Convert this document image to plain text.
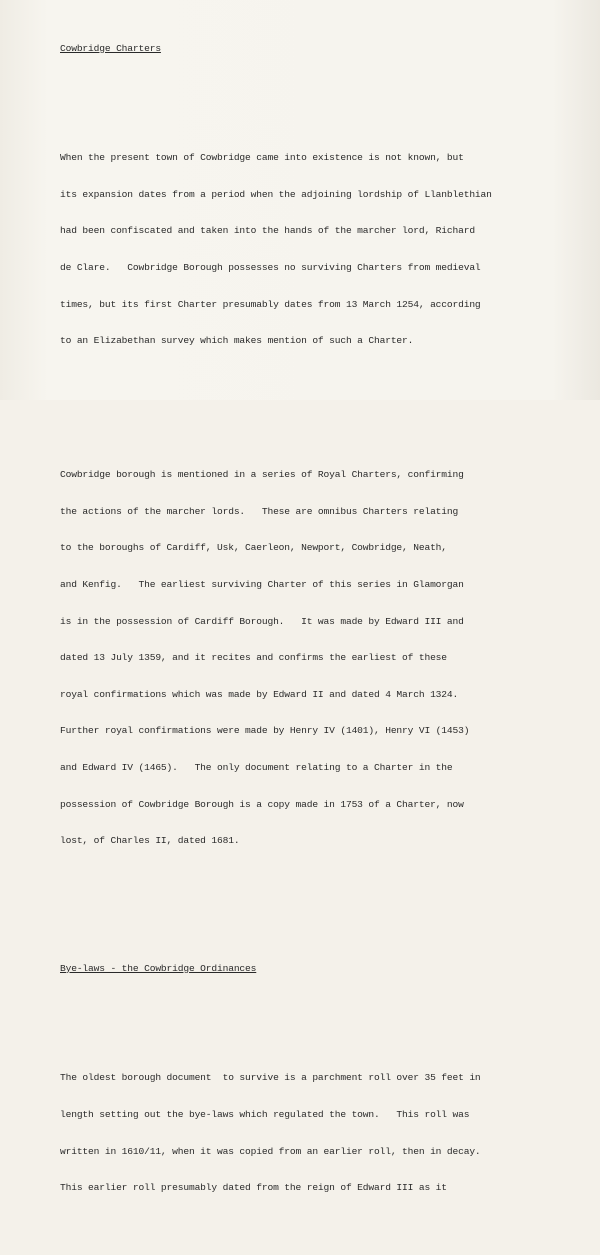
Cowbridge Charters

When the present town of Cowbridge came into existence is not known, but

its expansion dates from a period when the adjoining lordship of Llanblethian

had been confiscated and taken into the hands of the marcher lord, Richard

de Clare.   Cowbridge Borough possesses no surviving Charters from medieval

times, but its first Charter presumably dates from 13 March 1254, according

to an Elizabethan survey which makes mention of such a Charter.

Cowbridge borough is mentioned in a series of Royal Charters, confirming

the actions of the marcher lords.   These are omnibus Charters relating

to the boroughs of Cardiff, Usk, Caerleon, Newport, Cowbridge, Neath,

and Kenfig.   The earliest surviving Charter of this series in Glamorgan

is in the possession of Cardiff Borough.   It was made by Edward III and

dated 13 July 1359, and it recites and confirms the earliest of these

royal confirmations which was made by Edward II and dated 4 March 1324.

Further royal confirmations were made by Henry IV (1401), Henry VI (1453)

and Edward IV (1465).   The only document relating to a Charter in the

possession of Cowbridge Borough is a copy made in 1753 of a Charter, now

lost, of Charles II, dated 1681.

Bye-laws - the Cowbridge Ordinances

The oldest borough document  to survive is a parchment roll over 35 feet in

length setting out the bye-laws which regulated the town.   This roll was

written in 1610/11, when it was copied from an earlier roll, then in decay.

This earlier roll presumably dated from the reign of Edward III as it
